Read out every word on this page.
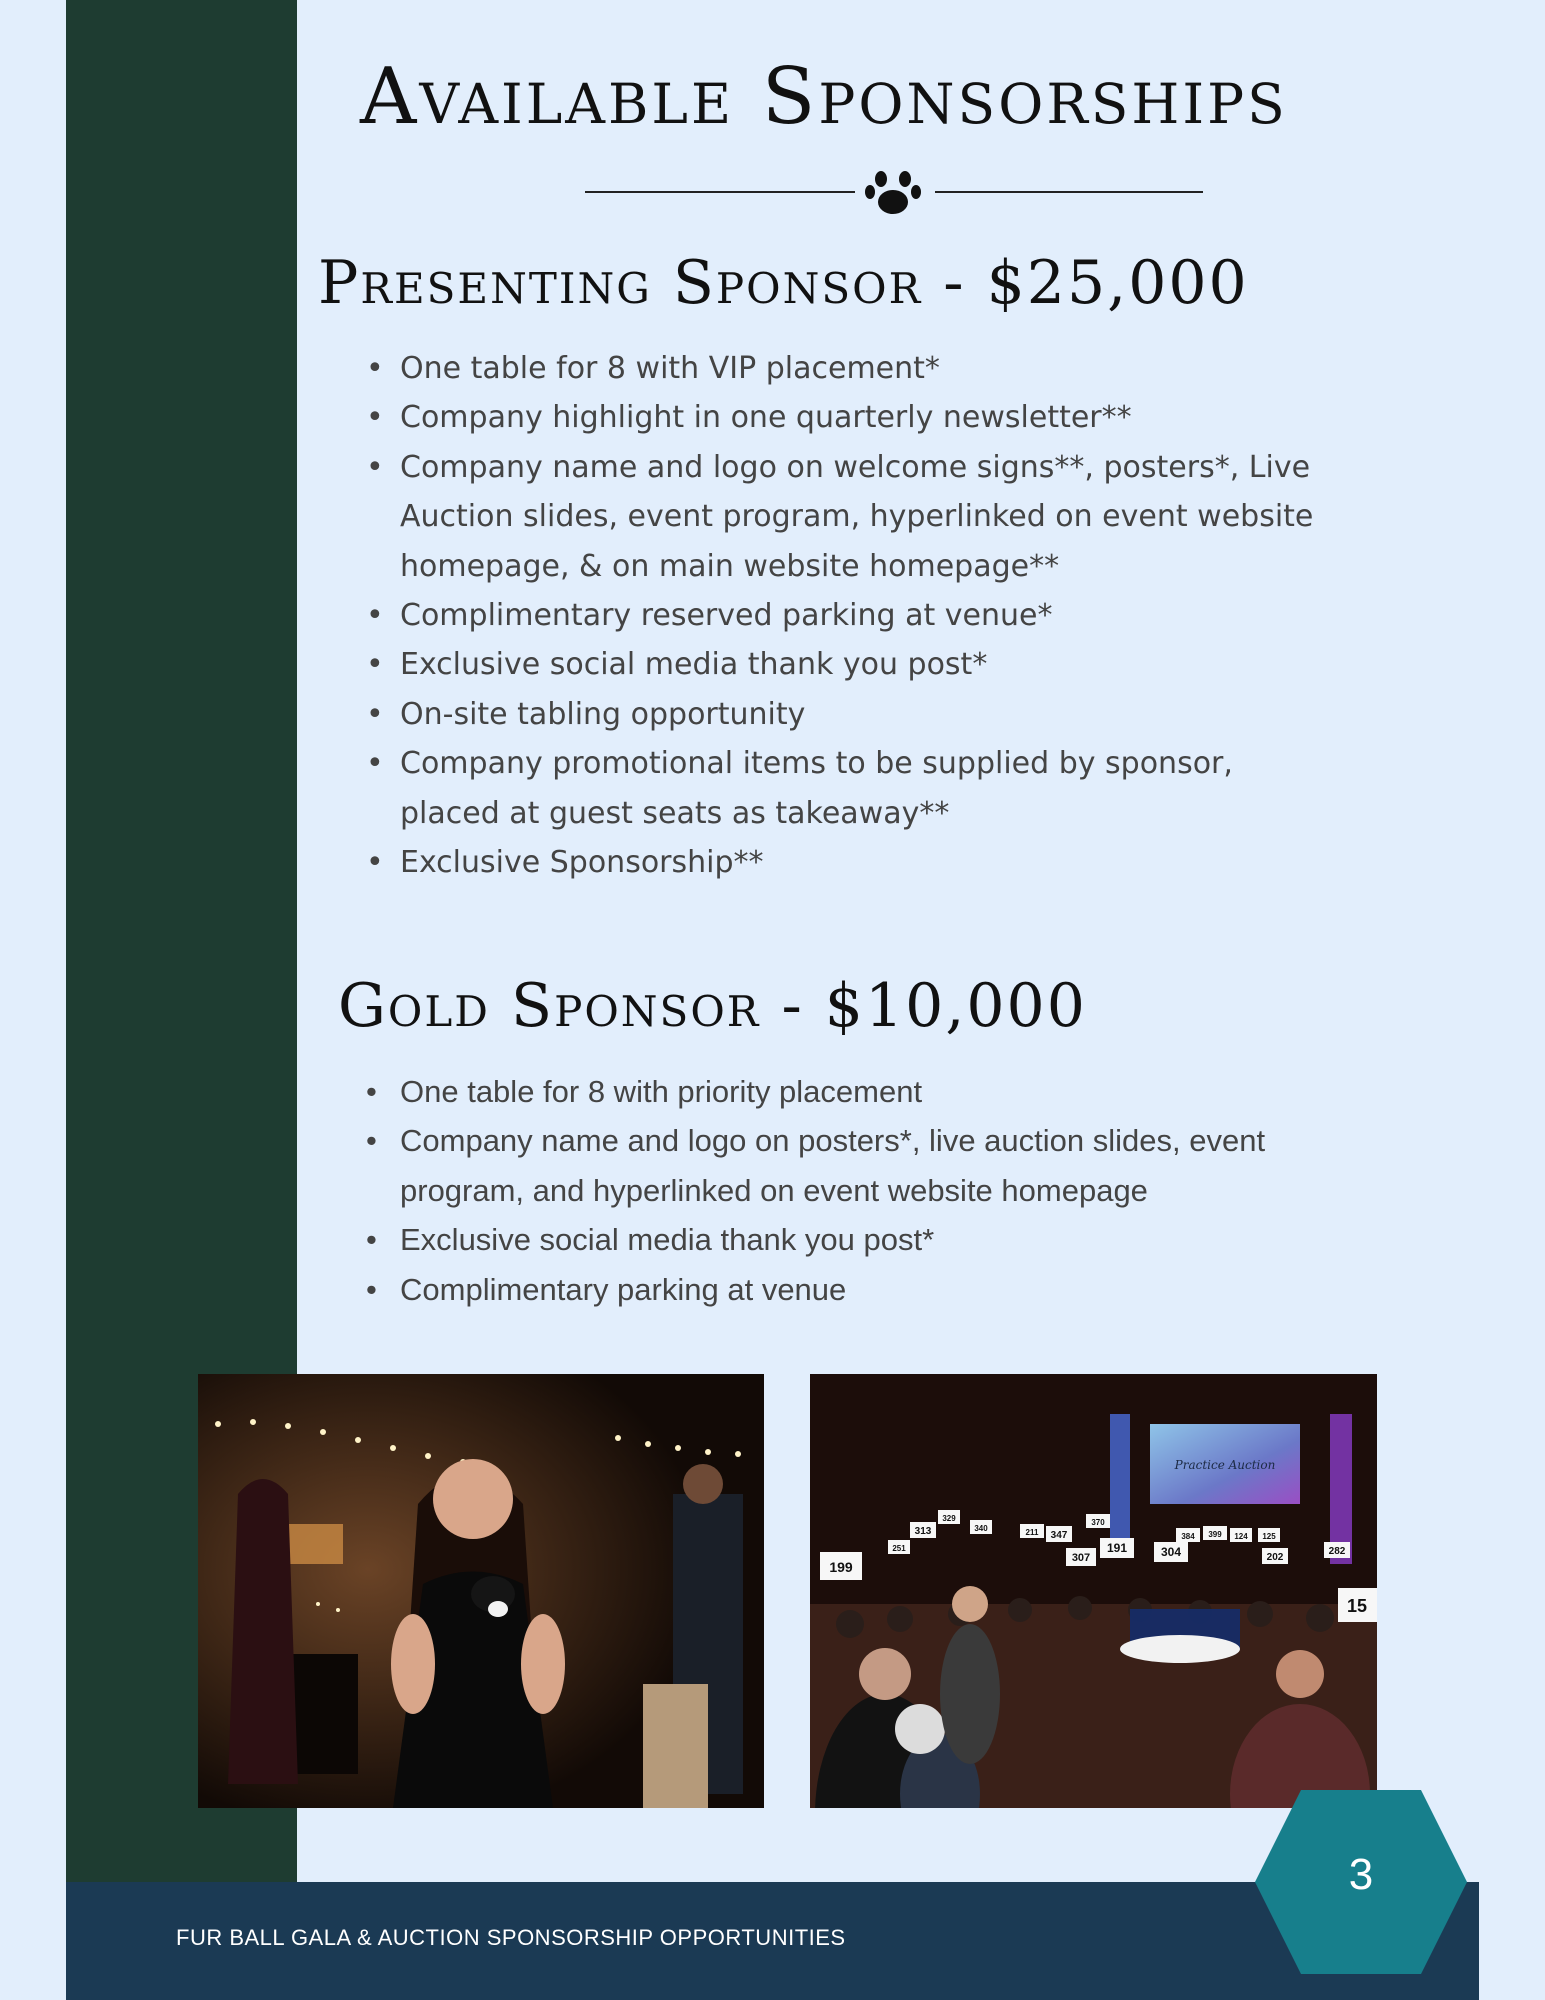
Available Sponsorships
Presenting Sponsor - $25,000
• One table for 8 with VIP placement*
• Company highlight in one quarterly newsletter**
• Company name and logo on welcome signs**, posters*, Live Auction slides, event program, hyperlinked on event website homepage, & on main website homepage**
• Complimentary reserved parking at venue*
• Exclusive social media thank you post*
• On-site tabling opportunity
• Company promotional items to be supplied by sponsor, placed at guest seats as takeaway**
• Exclusive Sponsorship**
Gold Sponsor - $10,000
• One table for 8 with priority placement
• Company name and logo on posters*, live auction slides, event program, and hyperlinked on event website homepage
• Exclusive social media thank you post*
• Complimentary parking at venue
Practice Auction
199
313
329
340	211
251
347
370
307
191	304
384 399 124 125
282
202
15
FUR BALL GALA & AUCTION SPONSORSHIP OPPORTUNITIES
3
